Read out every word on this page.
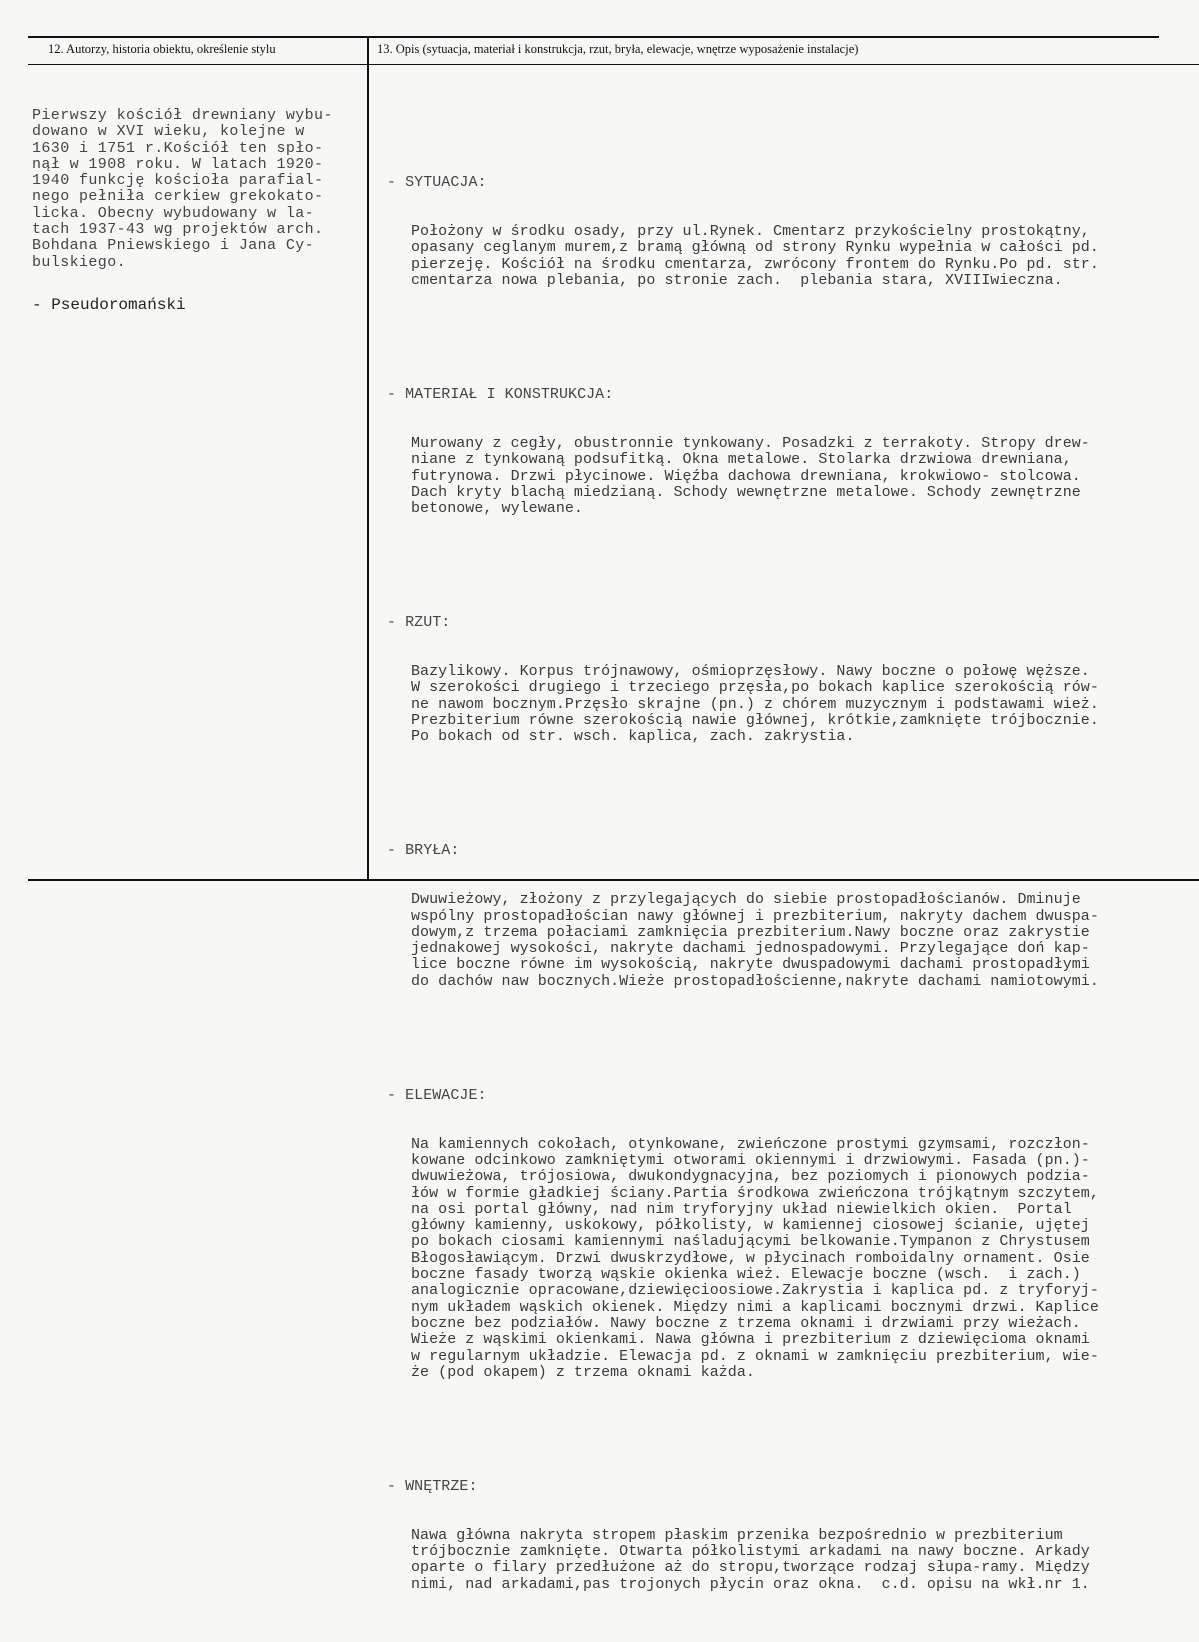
12. Autorzy, historia obiektu, określenie stylu	13. Opis (sytuacja, materiał i konstrukcja, rzut, bryła, elewacje, wnętrze wyposażenie instalacje)
Pierwszy kościół drewniany wybu-
dowano w XVI wieku, kolejne w
1630 i 1751 r.Kościół ten spło-
nął w 1908 roku. W latach 1920-
1940 funkcję kościoła parafial-
nego pełniła cerkiew grekokato-
licka. Obecny wybudowany w la-
tach 1937-43 wg projektów arch.
Bohdana Pniewskiego i Jana Cy-
bulskiego.
- Pseudoromański

- SYTUACJA:

Położony w środku osady, przy ul.Rynek. Cmentarz przykościelny prostokątny,
opasany ceglanym murem,z bramą główną od strony Rynku wypełnia w całości pd.
pierzeję. Kościół na środku cmentarza, zwrócony frontem do Rynku.Po pd. str.
cmentarza nowa plebania, po stronie zach.  plebania stara, XVIIIwieczna.

- MATERIAŁ I KONSTRUKCJA:

Murowany z cegły, obustronnie tynkowany. Posadzki z terrakoty. Stropy drew-
niane z tynkowaną podsufitką. Okna metalowe. Stolarka drzwiowa drewniana,
futrynowa. Drzwi płycinowe. Więźba dachowa drewniana, krokwiowo- stolcowa.
Dach kryty blachą miedzianą. Schody wewnętrzne metalowe. Schody zewnętrzne
betonowe, wylewane.

- RZUT:

Bazylikowy. Korpus trójnawowy, ośmioprzęsłowy. Nawy boczne o połowę węższe.
W szerokości drugiego i trzeciego przęsła,po bokach kaplice szerokością rów-
ne nawom bocznym.Przęsło skrajne (pn.) z chórem muzycznym i podstawami wież.
Prezbiterium równe szerokością nawie głównej, krótkie,zamknięte trójbocznie.
Po bokach od str. wsch. kaplica, zach. zakrystia.

- BRYŁA:

Dwuwieżowy, złożony z przylegających do siebie prostopadłościanów. Dminuje
wspólny prostopadłościan nawy głównej i prezbiterium, nakryty dachem dwuspa-
dowym,z trzema połaciami zamknięcia prezbiterium.Nawy boczne oraz zakrystie
jednakowej wysokości, nakryte dachami jednospadowymi. Przylegające doń kap-
lice boczne równe im wysokością, nakryte dwuspadowymi dachami prostopadłymi
do dachów naw bocznych.Wieże prostopadłościenne,nakryte dachami namiotowymi.

- ELEWACJE:

Na kamiennych cokołach, otynkowane, zwieńczone prostymi gzymsami, rozczłon-
kowane odcinkowo zamkniętymi otworami okiennymi i drzwiowymi. Fasada (pn.)-
dwuwieżowa, trójosiowa, dwukondygnacyjna, bez poziomych i pionowych podzia-
łów w formie gładkiej ściany.Partia środkowa zwieńczona trójkątnym szczytem,
na osi portal główny, nad nim tryforyjny układ niewielkich okien.  Portal
główny kamienny, uskokowy, półkolisty, w kamiennej ciosowej ścianie, ujętej
po bokach ciosami kamiennymi naśladującymi belkowanie.Tympanon z Chrystusem
Błogosławiącym. Drzwi dwuskrzydłowe, w płycinach romboidalny ornament. Osie
boczne fasady tworzą wąskie okienka wież. Elewacje boczne (wsch.  i zach.)
analogicznie opracowane,dziewięcioosiowe.Zakrystia i kaplica pd. z tryforyj-
nym układem wąskich okienek. Między nimi a kaplicami bocznymi drzwi. Kaplice
boczne bez podziałów. Nawy boczne z trzema oknami i drzwiami przy wieżach.
Wieże z wąskimi okienkami. Nawa główna i prezbiterium z dziewięcioma oknami
w regularnym układzie. Elewacja pd. z oknami w zamknięciu prezbiterium, wie-
że (pod okapem) z trzema oknami każda.

- WNĘTRZE:

Nawa główna nakryta stropem płaskim przenika bezpośrednio w prezbiterium
trójbocznie zamknięte. Otwarta półkolistymi arkadami na nawy boczne. Arkady
oparte o filary przedłużone aż do stropu,tworzące rodzaj słupa-ramy. Między
nimi, nad arkadami,pas trojonych płycin oraz okna.  c.d. opisu na wkł.nr 1.
